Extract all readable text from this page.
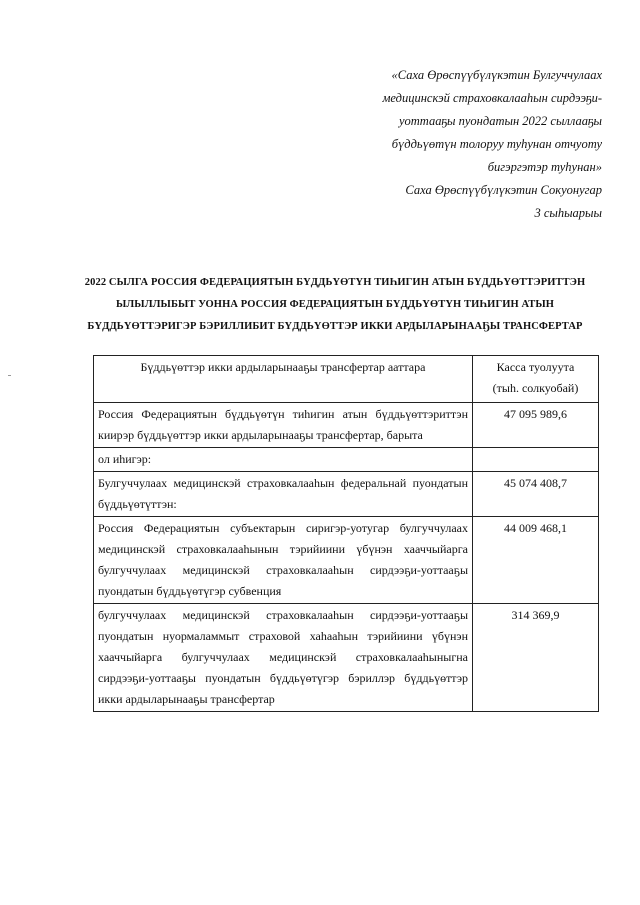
«Саха Өрөспүүбүлүкэтин Булгуччулаах
медицинскэй страховкалааһын сирдээҕи-
уоттааҕы пуондатын 2022 сыллааҕы
бүддьүөтүн толоруу туһунан отчуоту
бигэргэтэр туһунан»
Саха Өрөспүүбүлүкэтин Сокуонугар
3 сыһыарыы
2022 СЫЛГА РОССИЯ ФЕДЕРАЦИЯТЫН БҮДДЬҮӨТҮН ТИҺИГИН АТЫН БҮДДЬҮӨТТЭРИТТЭН
ЫЛЫЛЛЫБЫТ УОННА РОССИЯ ФЕДЕРАЦИЯТЫН БҮДДЬҮӨТҮН ТИҺИГИН АТЫН
БҮДДЬҮӨТТЭРИГЭР БЭРИЛЛИБИТ БҮДДЬҮӨТТЭР ИККИ АРДЫЛАРЫНААҔЫ ТРАНСФЕРТАР
Бүддьүөттэр икки ардыларынааҕы трансфертар ааттара	Касса туолуута
(тыһ. солкуобай)

Россия Федерациятын бүддьүөтүн тиһигин атын бүддьүөттэриттэн киирэр бүддьүөттэр икки ардыларынааҕы трансфертар, барыта	47 095 989,6
ол иһигэр:	
Булгуччулаах медицинскэй страховкалааһын федеральнай пуондатын бүддьүөтүттэн:	45 074 408,7
Россия Федерациятын субъектарын сиригэр-уотугар булгуччулаах медицинскэй страховкалааһынын тэрийиини үбүнэн хааччыйарга булгуччулаах медицинскэй страховкалааһын сирдээҕи-уоттааҕы пуондатын бүддьүөтүгэр субвенция	44 009 468,1
булгуччулаах медицинскэй страховкалааһын сирдээҕи-уоттааҕы пуондатын нуормаламмыт страховой хаһааһын тэрийиини үбүнэн хааччыйарга булгуччулаах медицинскэй страховкалааһыныгна сирдээҕи-уоттааҕы пуондатын бүддьүөтүгэр бэриллэр бүддьүөттэр икки ардыларынааҕы трансфертар	314 369,9
